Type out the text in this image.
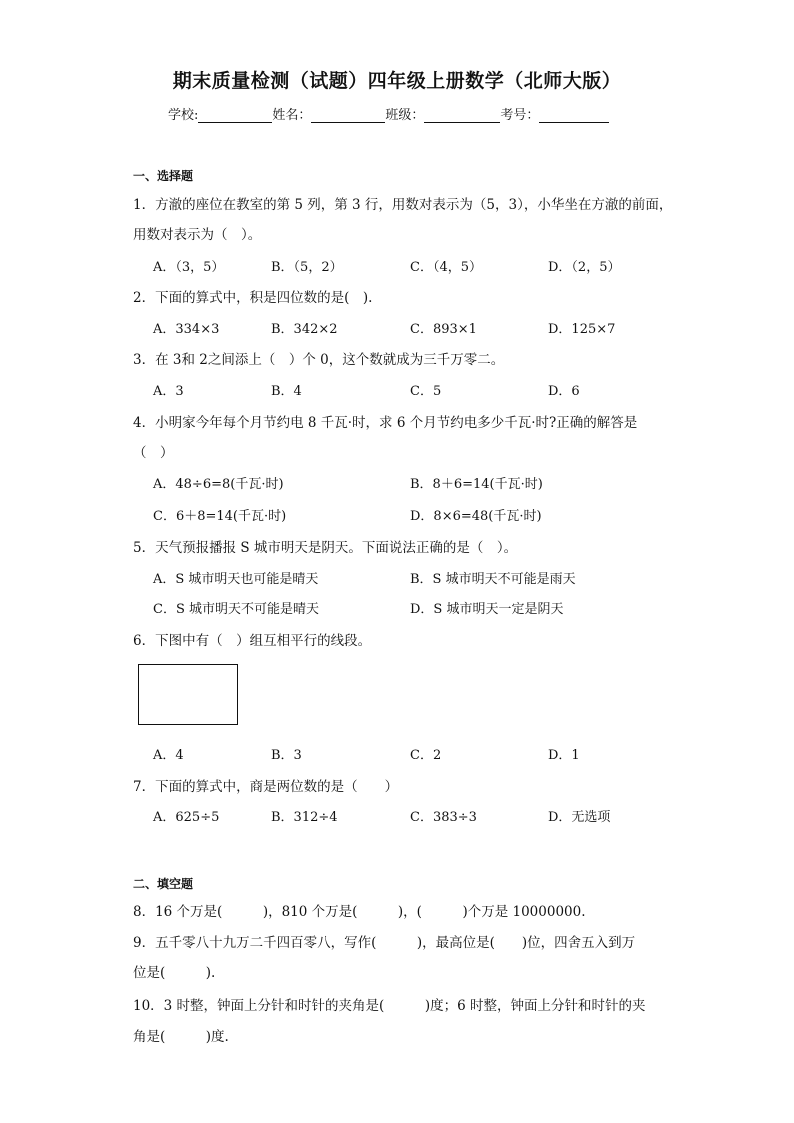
期末质量检测（试题）四年级上册数学（北师大版）
学校:	姓名：	班级：	考号：
一、选择题
1．方澈的座位在教室的第 5 列，第 3 行，用数对表示为（5，3），小华坐在方澈的前面，
用数对表示为（　）。
A．（3，5）	B．（5，2）	C．（4，5）	D．（2，5）
2．下面的算式中，积是四位数的是(　).
A．334×3	B．342×2	C．893×1	D．125×7
3．在 3和 2之间添上（　）个 0，这个数就成为三千万零二。
A．3	B．4	C．5	D．6
4．小明家今年每个月节约电 8 千瓦·时，求 6 个月节约电多少千瓦·时?正确的解答是
（　）
A．48÷6=8(千瓦·时)	B．8＋6=14(千瓦·时)
C．6＋8=14(千瓦·时)	D．8×6=48(千瓦·时)
5．天气预报播报 S 城市明天是阴天。下面说法正确的是（　）。
A．S 城市明天也可能是晴天	B．S 城市明天不可能是雨天
C．S 城市明天不可能是晴天	D．S 城市明天一定是阴天
6．下图中有（　）组互相平行的线段。
A．4	B．3	C．2	D．1
7．下面的算式中，商是两位数的是（　　）
A．625÷5	B．312÷4	C．383÷3	D．无选项
二、填空题
8．16 个万是(　　　)，810 个万是(　　　)，(　　　)个万是 10000000.
9．五千零八十九万二千四百零八，写作(　　　)，最高位是(　　)位，四舍五入到万
位是(　　　).
10．3 时整，钟面上分针和时针的夹角是(　　　)度；6 时整，钟面上分针和时针的夹
角是(　　　)度.
